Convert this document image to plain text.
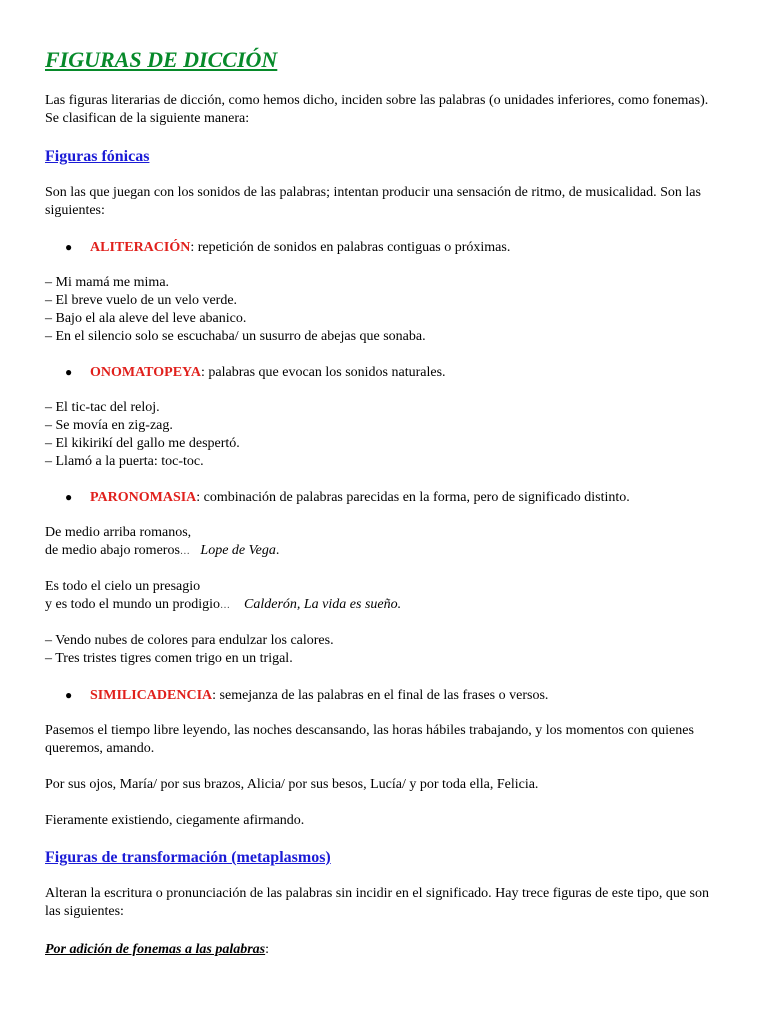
FIGURAS DE DICCIÓN

Las figuras literarias de dicción, como hemos dicho, inciden sobre las palabras (o unidades inferiores, como fonemas). Se clasifican de la siguiente manera:

Figuras fónicas

Son las que juegan con los sonidos de las palabras; intentan producir una sensación de ritmo, de musicalidad. Son las siguientes:

● ALITERACIÓN: repetición de sonidos en palabras contiguas o próximas.

– Mi mamá me mima.
– El breve vuelo de un velo verde.
– Bajo el ala aleve del leve abanico.
– En el silencio solo se escuchaba/ un susurro de abejas que sonaba.

● ONOMATOPEYA: palabras que evocan los sonidos naturales.

– El tic-tac del reloj.
– Se movía en zig-zag.
– El kikirikí del gallo me despertó.
– Llamó a la puerta: toc-toc.

● PARONOMASIA: combinación de palabras parecidas en la forma, pero de significado distinto.

De medio arriba romanos,
de medio abajo romeros… Lope de Vega.
Es todo el cielo un presagio
y es todo el mundo un prodigio… Calderón, La vida es sueño.
– Vendo nubes de colores para endulzar los calores.
– Tres tristes tigres comen trigo en un trigal.

● SIMILICADENCIA: semejanza de las palabras en el final de las frases o versos.

Pasemos el tiempo libre leyendo, las noches descansando, las horas hábiles trabajando, y los momentos con quienes queremos, amando.

Por sus ojos, María/ por sus brazos, Alicia/ por sus besos, Lucía/ y por toda ella, Felicia.

Fieramente existiendo, ciegamente afirmando.

Figuras de transformación (metaplasmos)

Alteran la escritura o pronunciación de las palabras sin incidir en el significado. Hay trece figuras de este tipo, que son las siguientes:

Por adición de fonemas a las palabras:
